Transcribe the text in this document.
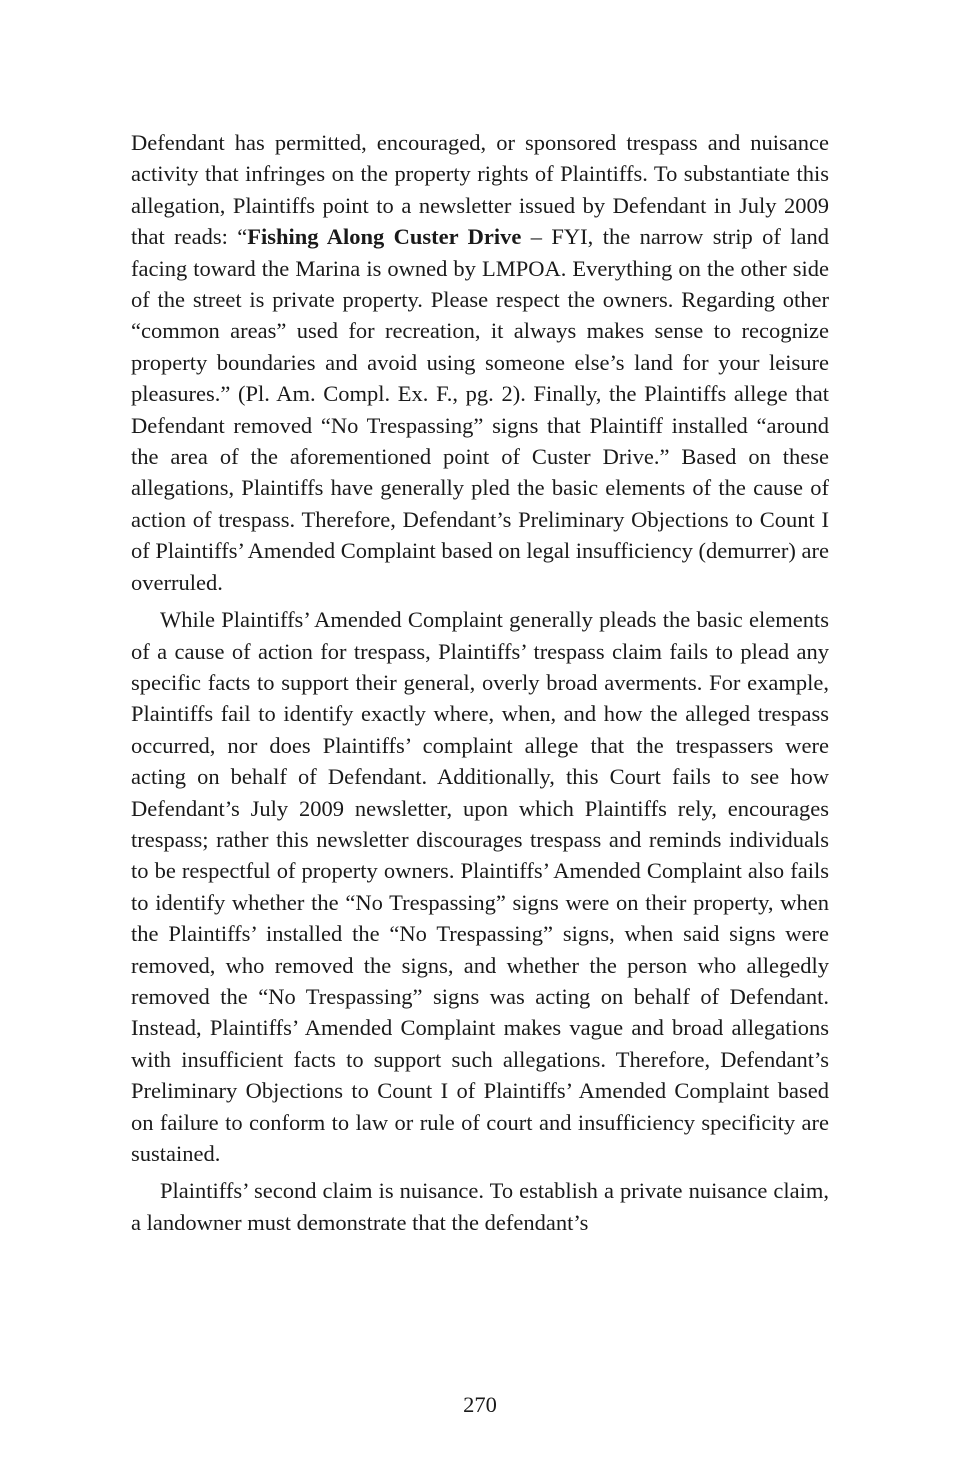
Defendant has permitted, encouraged, or sponsored trespass and nuisance activity that infringes on the property rights of Plaintiffs. To substantiate this allegation, Plaintiffs point to a newsletter issued by Defendant in July 2009 that reads: “Fishing Along Custer Drive – FYI, the narrow strip of land facing toward the Marina is owned by LMPOA. Everything on the other side of the street is private property. Please respect the owners. Regarding other “common areas” used for recreation, it always makes sense to recognize property boundaries and avoid using someone else’s land for your leisure pleasures.” (Pl. Am. Compl. Ex. F., pg. 2). Finally, the Plaintiffs allege that Defendant removed “No Trespassing” signs that Plaintiff installed “around the area of the aforementioned point of Custer Drive.” Based on these allegations, Plaintiffs have generally pled the basic elements of the cause of action of trespass. Therefore, Defendant’s Preliminary Objections to Count I of Plaintiffs’ Amended Complaint based on legal insufficiency (demurrer) are overruled.

While Plaintiffs’ Amended Complaint generally pleads the basic elements of a cause of action for trespass, Plaintiffs’ trespass claim fails to plead any specific facts to support their general, overly broad averments. For example, Plaintiffs fail to identify exactly where, when, and how the alleged trespass occurred, nor does Plaintiffs’ complaint allege that the trespassers were acting on behalf of Defendant. Additionally, this Court fails to see how Defendant’s July 2009 newsletter, upon which Plaintiffs rely, encourages trespass; rather this newsletter discourages trespass and reminds individuals to be respectful of property owners. Plaintiffs’ Amended Complaint also fails to identify whether the “No Trespassing” signs were on their property, when the Plaintiffs’ installed the “No Trespassing” signs, when said signs were removed, who removed the signs, and whether the person who allegedly removed the “No Trespassing” signs was acting on behalf of Defendant. Instead, Plaintiffs’ Amended Complaint makes vague and broad allegations with insufficient facts to support such allegations. Therefore, Defendant’s Preliminary Objections to Count I of Plaintiffs’ Amended Complaint based on failure to conform to law or rule of court and insufficiency specificity are sustained.

Plaintiffs’ second claim is nuisance. To establish a private nuisance claim, a landowner must demonstrate that the defendant’s

270
